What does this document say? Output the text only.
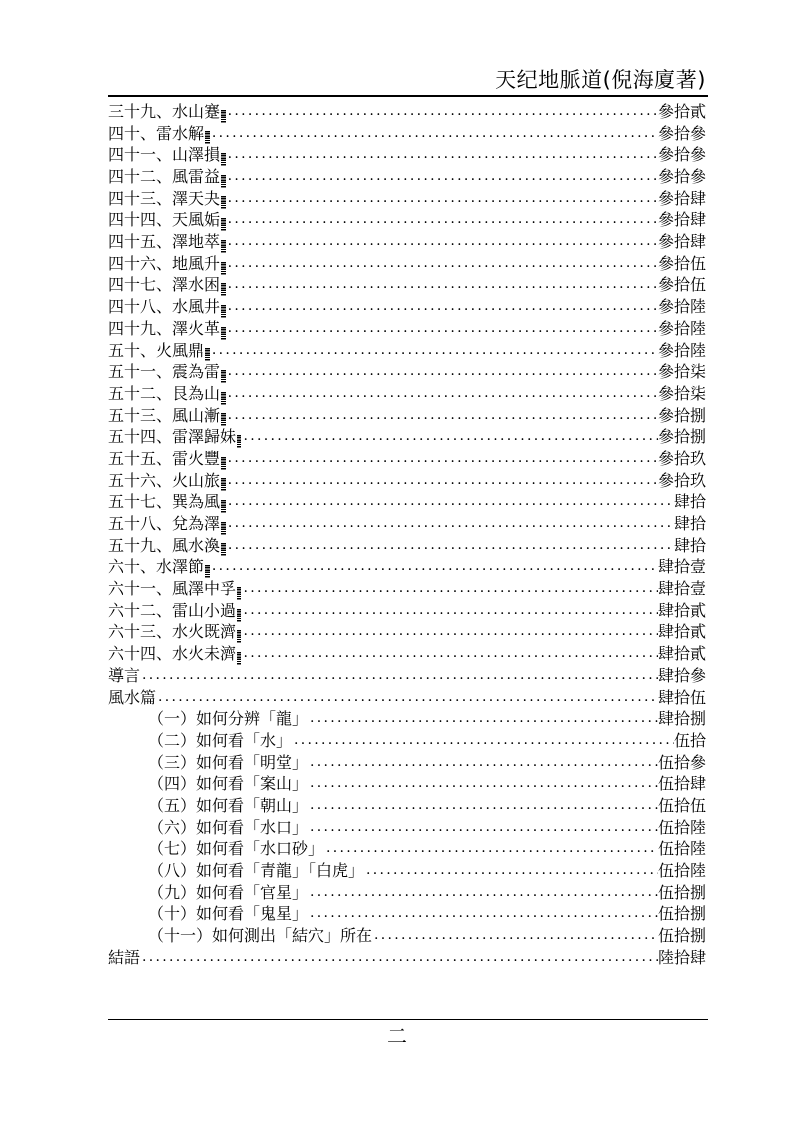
天纪地脈道(倪海廈著)
三十九、水山蹇 .....	參拾貳
四十、雷水解 .....	參拾參
四十一、山澤損 .....	參拾參
四十二、風雷益 .....	參拾參
四十三、澤天夬 .....	參拾肆
四十四、天風姤 .....	參拾肆
四十五、澤地萃 .....	參拾肆
四十六、地風升 .....	參拾伍
四十七、澤水困 .....	參拾伍
四十八、水風井 .....	參拾陸
四十九、澤火革 .....	參拾陸
五十、火風鼎 .....	參拾陸
五十一、震為雷 .....	參拾柒
五十二、艮為山 .....	參拾柒
五十三、風山漸 .....	參拾捌
五十四、雷澤歸妹 .....	參拾捌
五十五、雷火豐 .....	參拾玖
五十六、火山旅 .....	參拾玖
五十七、巽為風 .....	肆拾
五十八、兌為澤 .....	肆拾
五十九、風水渙 .....	肆拾
六十、水澤節 .....	肆拾壹
六十一、風澤中孚 .....	肆拾壹
六十二、雷山小過 .....	肆拾貳
六十三、水火既濟 .....	肆拾貳
六十四、水火未濟 .....	肆拾貳
導言 .....	肆拾參
風水篇 .....	肆拾伍
（一）如何分辨「龍」 .....	肆拾捌
（二）如何看「水」 .....	伍拾
（三）如何看「明堂」 .....	伍拾參
（四）如何看「案山」 .....	伍拾肆
（五）如何看「朝山」 .....	伍拾伍
（六）如何看「水口」 .....	伍拾陸
（七）如何看「水口砂」 .....	伍拾陸
（八）如何看「青龍」「白虎」 .....	伍拾陸
（九）如何看「官星」 .....	伍拾捌
（十）如何看「鬼星」 .....	伍拾捌
（十一）如何測出「結穴」所在 .....	伍拾捌
結語 .....	陸拾肆
二
